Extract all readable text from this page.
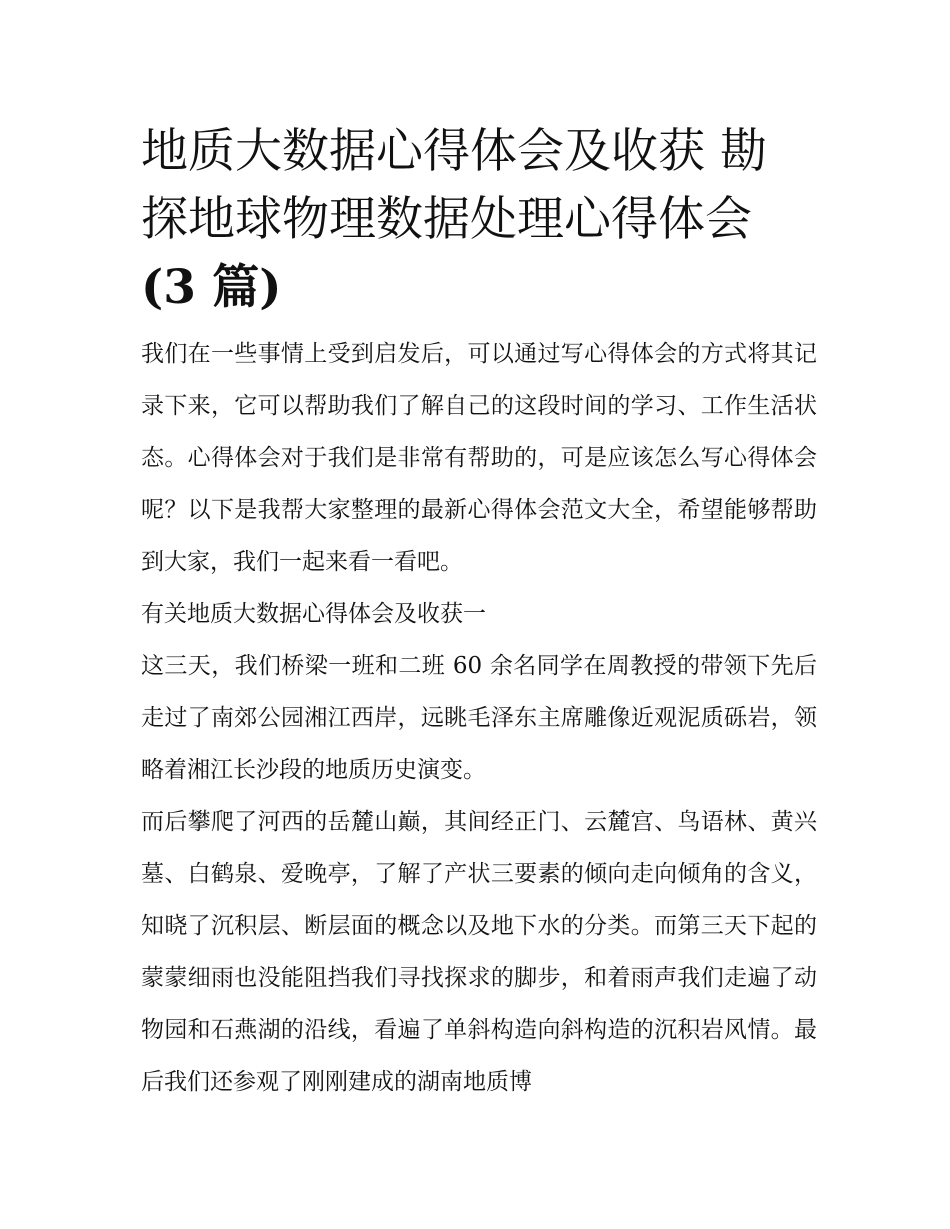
地质大数据心得体会及收获 勘
探地球物理数据处理心得体会
(3 篇)

我们在一些事情上受到启发后，可以通过写心得体会的方式将其记录下来，它可以帮助我们了解自己的这段时间的学习、工作生活状态。心得体会对于我们是非常有帮助的，可是应该怎么写心得体会呢？以下是我帮大家整理的最新心得体会范文大全，希望能够帮助到大家，我们一起来看一看吧。

有关地质大数据心得体会及收获一

这三天，我们桥梁一班和二班 60 余名同学在周教授的带领下先后走过了南郊公园湘江西岸，远眺毛泽东主席雕像近观泥质砾岩，领略着湘江长沙段的地质历史演变。

而后攀爬了河西的岳麓山巅，其间经正门、云麓宫、鸟语林、黄兴墓、白鹤泉、爱晚亭，了解了产状三要素的倾向走向倾角的含义，知晓了沉积层、断层面的概念以及地下水的分类。而第三天下起的蒙蒙细雨也没能阻挡我们寻找探求的脚步，和着雨声我们走遍了动物园和石燕湖的沿线，看遍了单斜构造向斜构造的沉积岩风情。最后我们还参观了刚刚建成的湖南地质博
